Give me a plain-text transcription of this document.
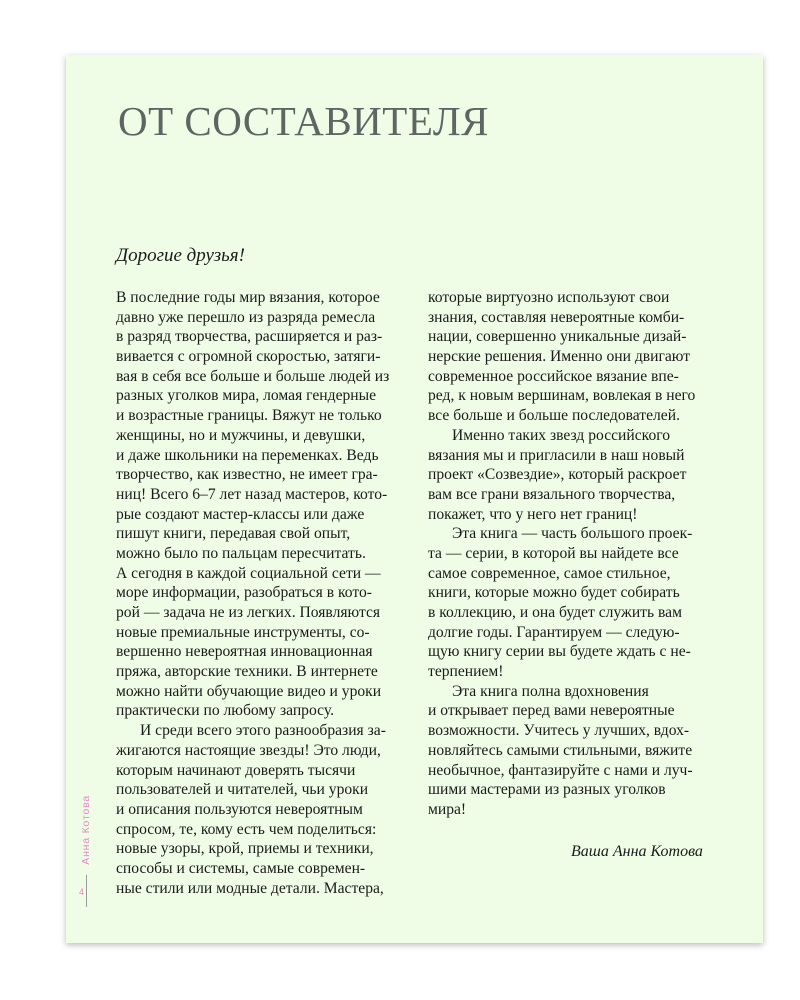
ОТ СОСТАВИТЕЛЯ

Дорогие друзья!

В последние годы мир вязания, которое
давно уже перешло из разряда ремесла
в разряд творчества, расширяется и раз-
вивается с огромной скоростью, затяги-
вая в себя все больше и больше людей из
разных уголков мира, ломая гендерные
и возрастные границы. Вяжут не только
женщины, но и мужчины, и девушки,
и даже школьники на переменках. Ведь
творчество, как известно, не имеет гра-
ниц! Всего 6–7 лет назад мастеров, кото-
рые создают мастер-классы или даже
пишут книги, передавая свой опыт,
можно было по пальцам пересчитать.
А сегодня в каждой социальной сети —
море информации, разобраться в кото-
рой — задача не из легких. Появляются
новые премиальные инструменты, со-
вершенно невероятная инновационная
пряжа, авторские техники. В интернете
можно найти обучающие видео и уроки
практически по любому запросу.
И среди всего этого разнообразия за-
жигаются настоящие звезды! Это люди,
которым начинают доверять тысячи
пользователей и читателей, чьи уроки
и описания пользуются невероятным
спросом, те, кому есть чем поделиться:
новые узоры, крой, приемы и техники,
способы и системы, самые современ-
ные стили или модные детали. Мастера,
которые виртуозно используют свои
знания, составляя невероятные комби-
нации, совершенно уникальные дизай-
нерские решения. Именно они двигают
современное российское вязание впе-
ред, к новым вершинам, вовлекая в него
все больше и больше последователей.
Именно таких звезд российского
вязания мы и пригласили в наш новый
проект «Созвездие», который раскроет
вам все грани вязального творчества,
покажет, что у него нет границ!
Эта книга — часть большого проек-
та — серии, в которой вы найдете все
самое современное, самое стильное,
книги, которые можно будет собирать
в коллекцию, и она будет служить вам
долгие годы. Гарантируем — следую-
щую книгу серии вы будете ждать с не-
терпением!
Эта книга полна вдохновения
и открывает перед вами невероятные
возможности. Учитесь у лучших, вдох-
новляйтесь самыми стильными, вяжите
необычное, фантазируйте с нами и луч-
шими мастерами из разных уголков
мира!
Ваша Анна Котова
Анна Котова
4
